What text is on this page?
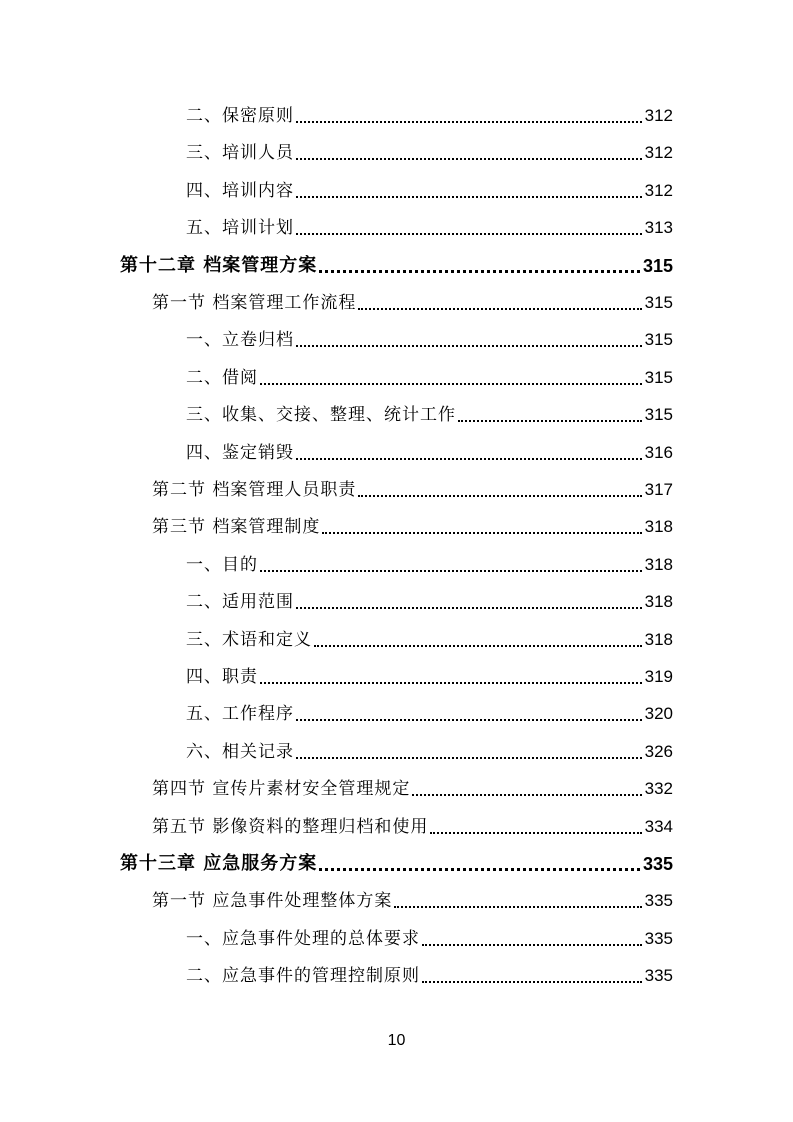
二、保密原则	312
三、培训人员	312
四、培训内容	312
五、培训计划	313
第十二章 档案管理方案	315
第一节 档案管理工作流程	315
一、立卷归档	315
二、借阅	315
三、收集、交接、整理、统计工作	315
四、鉴定销毁	316
第二节 档案管理人员职责	317
第三节 档案管理制度	318
一、目的	318
二、适用范围	318
三、术语和定义	318
四、职责	319
五、工作程序	320
六、相关记录	326
第四节 宣传片素材安全管理规定	332
第五节 影像资料的整理归档和使用	334
第十三章 应急服务方案	335
第一节 应急事件处理整体方案	335
一、应急事件处理的总体要求	335
二、应急事件的管理控制原则	335
10
